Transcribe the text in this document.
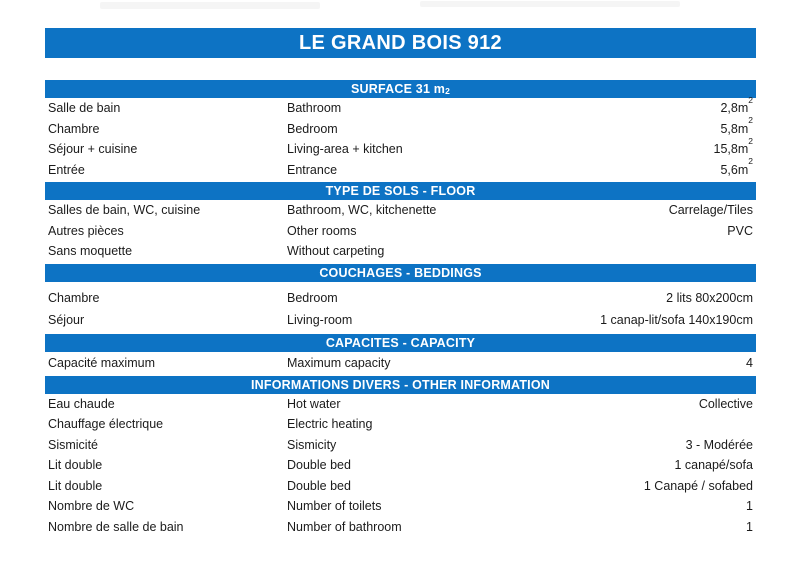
LE GRAND BOIS 912
SURFACE 31 $m^2$
Salle de bain	Bathroom	$2,8m^2$
Chambre	Bedroom	$5,8m^2$
Séjour + cuisine	Living-area + kitchen	$15,8m^2$
Entrée	Entrance	$5,6m^2$
TYPE DE SOLS - FLOOR
Salles de bain, WC, cuisine	Bathroom, WC, kitchenette	Carrelage/Tiles
Autres pièces	Other rooms	PVC
Sans moquette	Without carpeting
COUCHAGES - BEDDINGS
Chambre	Bedroom	2 lits 80x200cm
Séjour	Living-room	1 canap-lit/sofa 140x190cm
CAPACITES - CAPACITY
Capacité maximum	Maximum capacity	4
INFORMATIONS DIVERS - OTHER INFORMATION
Eau chaude	Hot water	Collective
Chauffage électrique	Electric heating
Sismicité	Sismicity	3 - Modérée
Lit double	Double bed	1 canapé/sofa
Lit double	Double bed	1 Canapé / sofabed
Nombre de WC	Number of toilets	1
Nombre de salle de bain	Number of bathroom	1
